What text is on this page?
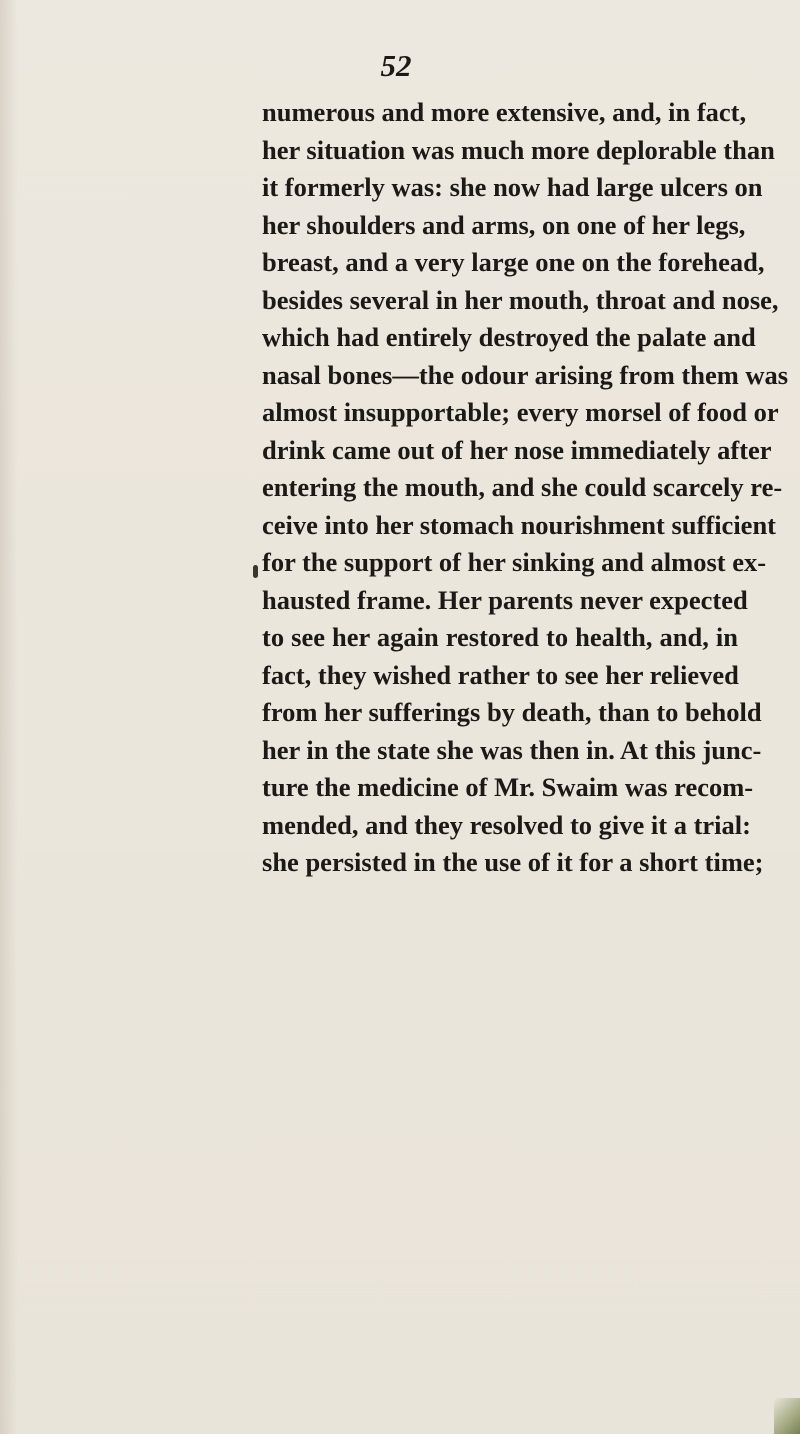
52
numerous and more extensive, and, in fact,
her situation was much more deplorable than
it formerly was: she now had large ulcers on
her shoulders and arms, on one of her legs,
breast, and a very large one on the forehead,
besides several in her mouth, throat and nose,
which had entirely destroyed the palate and
nasal bones—the odour arising from them was
almost insupportable; every morsel of food or
drink came out of her nose immediately after
entering the mouth, and she could scarcely re-
ceive into her stomach nourishment sufficient
for the support of her sinking and almost ex-
hausted frame. Her parents never expected
to see her again restored to health, and, in
fact, they wished rather to see her relieved
from her sufferings by death, than to behold
her in the state she was then in. At this junc-
ture the medicine of Mr. Swaim was recom-
mended, and they resolved to give it a trial:
she persisted in the use of it for a short time;
